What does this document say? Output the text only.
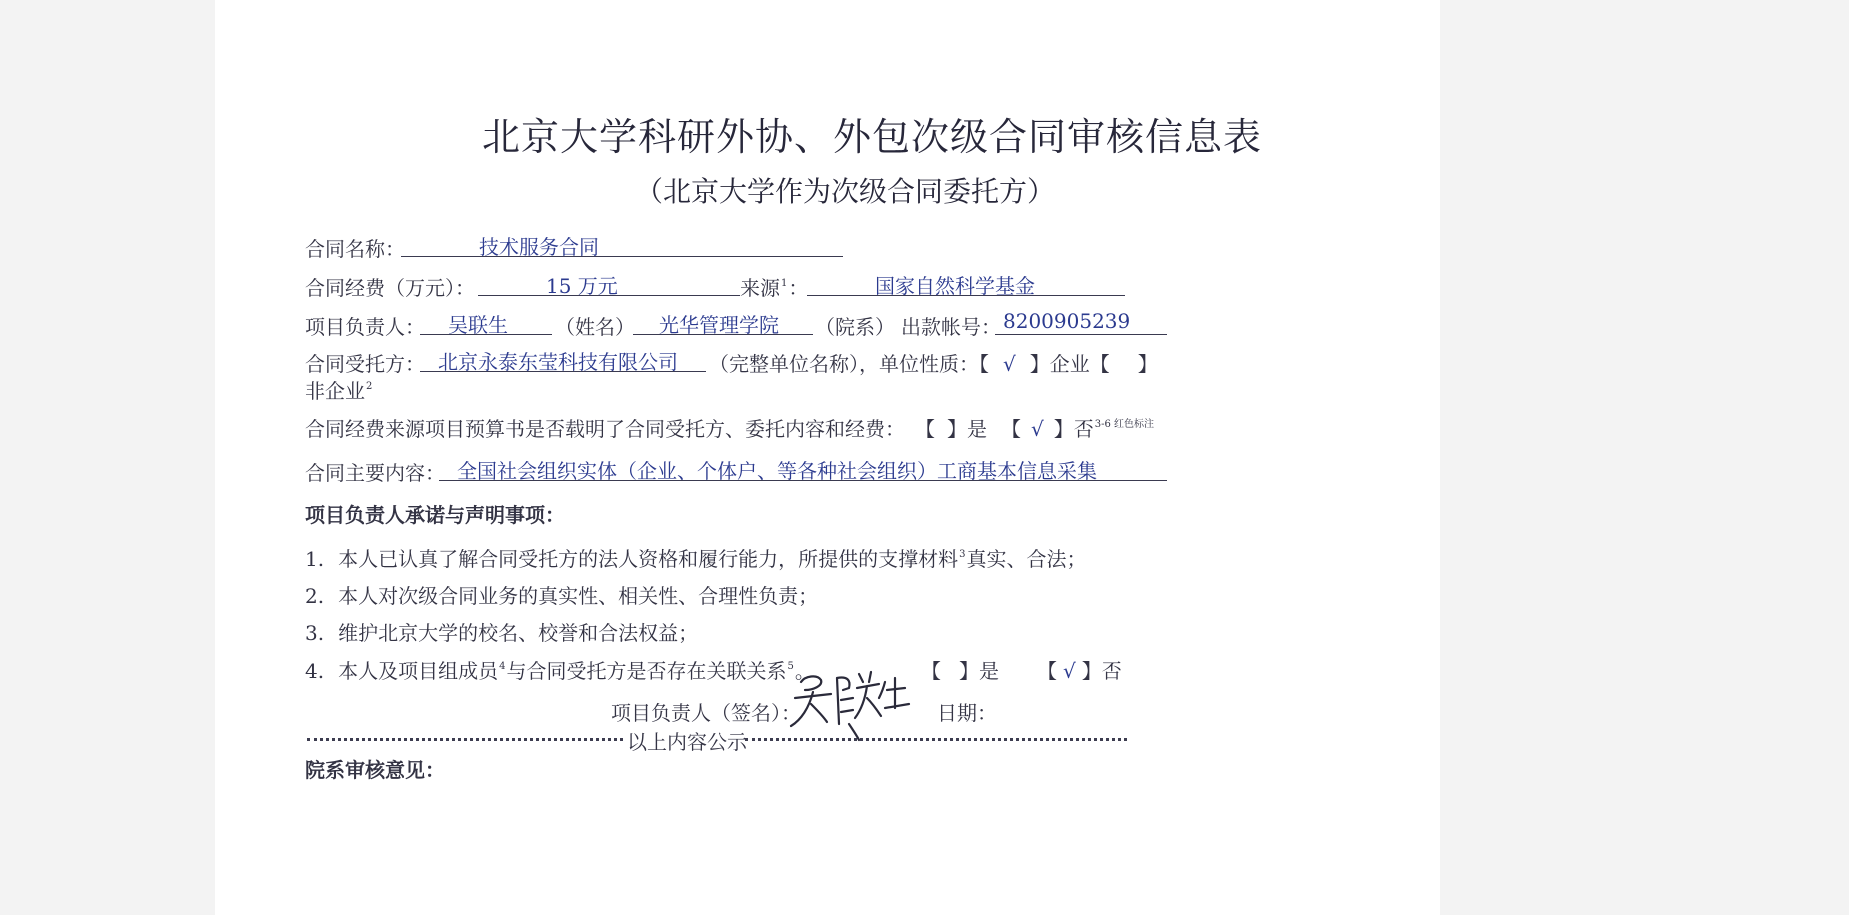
北京大学科研外协、外包次级合同审核信息表
（北京大学作为次级合同委托方）
合同名称：	技术服务合同
合同经费（万元）：	15 万元	来源$^1$：	国家自然科学基金
项目负责人： 吴联生 （姓名） 光华管理学院 （院系） 出款帐号： 8200905239
合同受托方： 北京永泰东莹科技有限公司 （完整单位名称），单位性质：【 √ 】企业【 】
非企业$^2$
合同经费来源项目预算书是否载明了合同受托方、委托内容和经费： 【 】是 【 √ 】否$^{3-6 红色标注}$
合同主要内容： 全国社会组织实体（企业、个体户、等各种社会组织）工商基本信息采集
项目负责人承诺与声明事项：
1. 本人已认真了解合同受托方的法人资格和履行能力，所提供的支撑材料$^3$真实、合法；
2. 本人对次级合同业务的真实性、相关性、合理性负责；
3. 维护北京大学的校名、校誉和合法权益；
4. 本人及项目组成员$^4$与合同受托方是否存在关联关系$^5$。	【 】是 【 √ 】否
项目负责人（签名）：	日期：
以上内容公示
院系审核意见：
